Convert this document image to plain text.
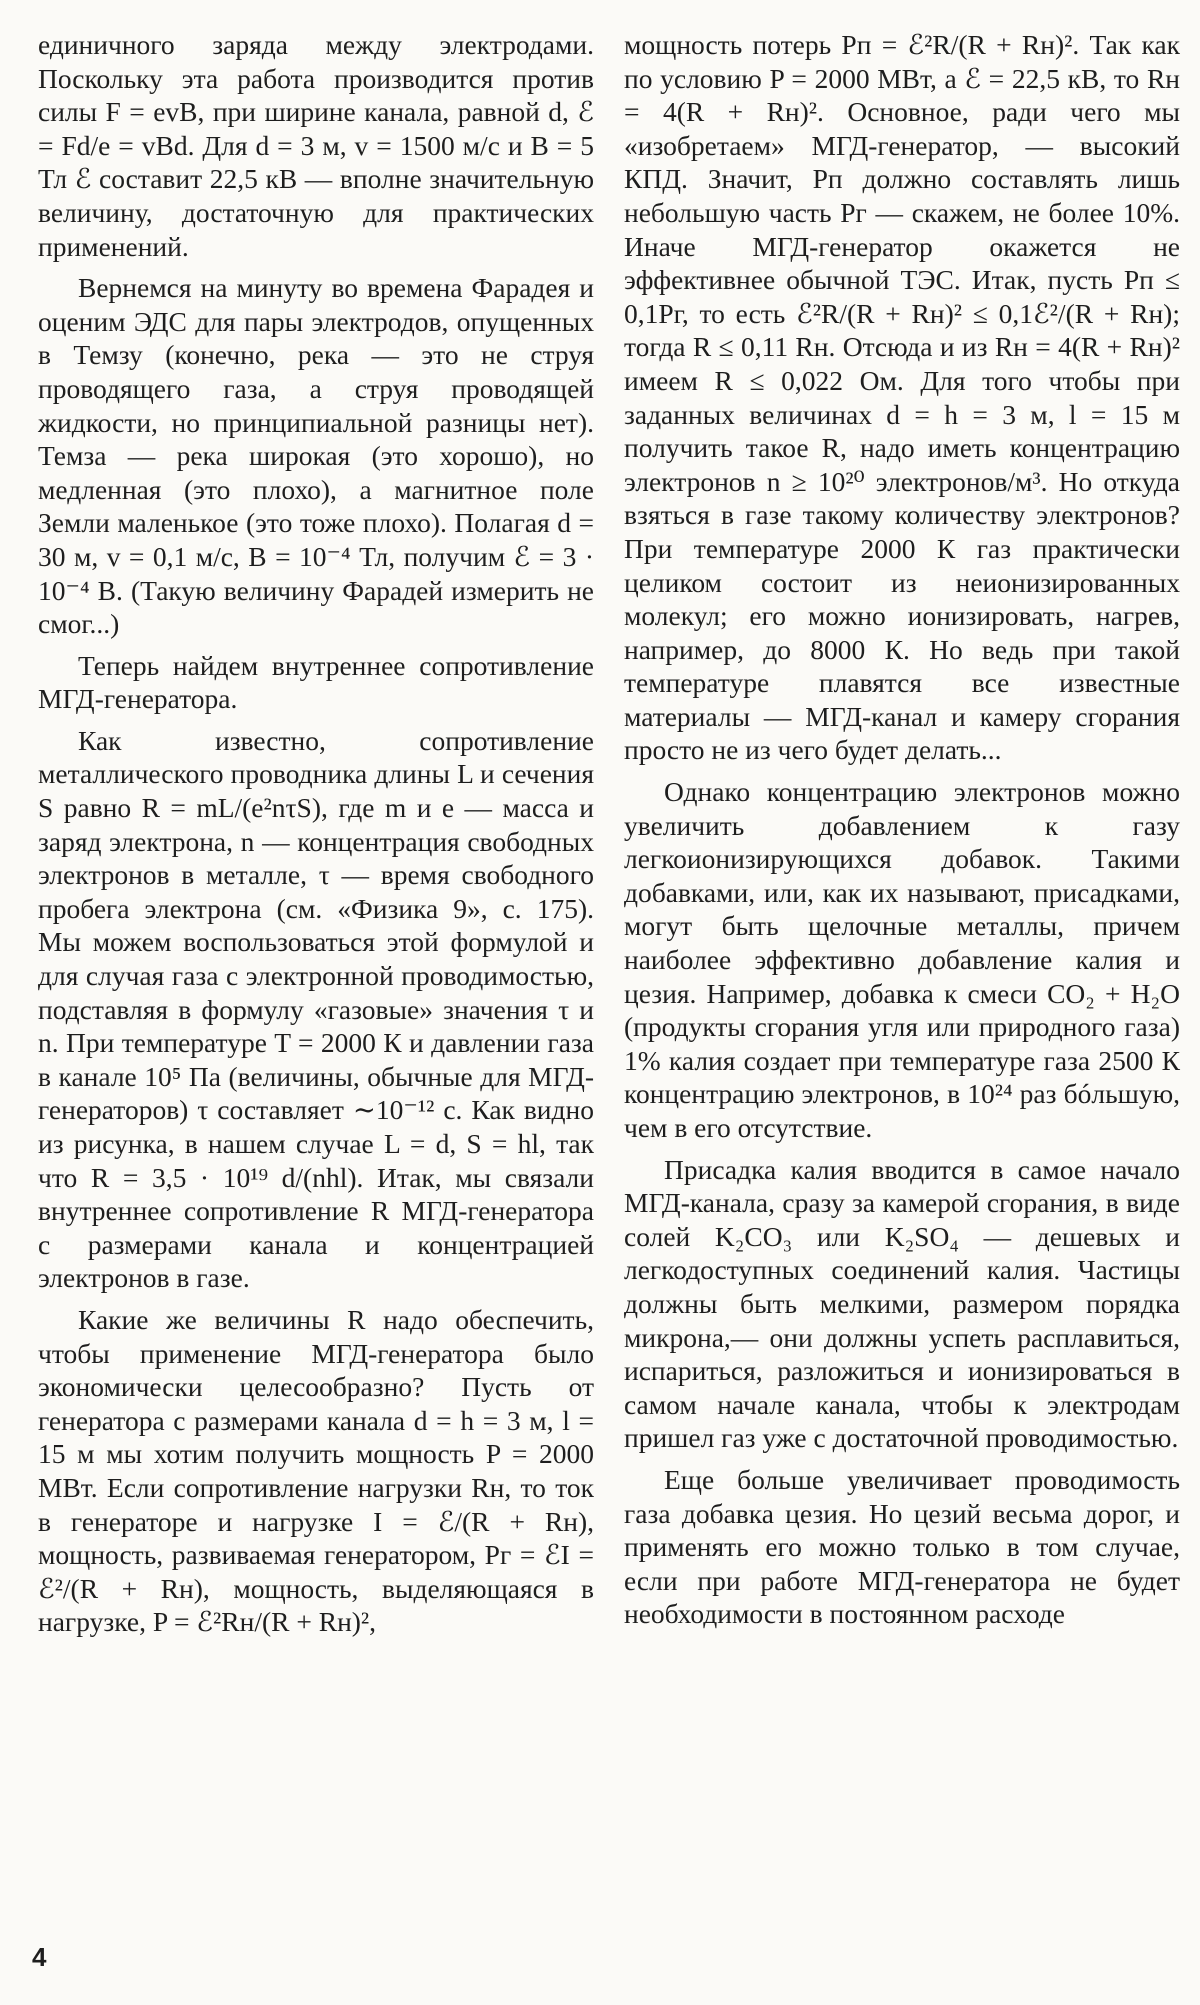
единичного заряда между электродами. Поскольку эта работа производится против силы F = evB, при ширине канала, равной d, ℰ = Fd/e = vBd. Для d = 3 м, v = 1500 м/с и B = 5 Тл ℰ составит 22,5 кВ — вполне значительную величину, достаточную для практических применений.

Вернемся на минуту во времена Фарадея и оценим ЭДС для пары электродов, опущенных в Темзу (конечно, река — это не струя проводящего газа, а струя проводящей жидкости, но принципиальной разницы нет). Темза — река широкая (это хорошо), но медленная (это плохо), а магнитное поле Земли маленькое (это тоже плохо). Полагая d = 30 м, v = 0,1 м/с, B = 10⁻⁴ Тл, получим ℰ = 3 · 10⁻⁴ В. (Такую величину Фарадей измерить не смог...)

Теперь найдем внутреннее сопротивление МГД-генератора.

Как известно, сопротивление металлического проводника длины L и сечения S равно R = mL/(e²nτS), где m и e — масса и заряд электрона, n — концентрация свободных электронов в металле, τ — время свободного пробега электрона (см. «Физика 9», с. 175). Мы можем воспользоваться этой формулой и для случая газа с электронной проводимостью, подставляя в формулу «газовые» значения τ и n. При температуре T = 2000 К и давлении газа в канале 10⁵ Па (величины, обычные для МГД-генераторов) τ составляет ∼10⁻¹² с. Как видно из рисунка, в нашем случае L = d, S = hl, так что R = 3,5 · 10¹⁹ d/(nhl). Итак, мы связали внутреннее сопротивление R МГД-генератора с размерами канала и концентрацией электронов в газе.

Какие же величины R надо обеспечить, чтобы применение МГД-генератора было экономически целесообразно? Пусть от генератора с размерами канала d = h = 3 м, l = 15 м мы хотим получить мощность P = 2000 МВт. Если сопротивление нагрузки Rн, то ток в генераторе и нагрузке I = ℰ/(R + Rн), мощность, развиваемая генератором, Pг = ℰI = ℰ²/(R + Rн), мощность, выделяющаяся в нагрузке, P = ℰ²Rн/(R + Rн)²,

мощность потерь Pп = ℰ²R/(R + Rн)². Так как по условию P = 2000 МВт, а ℰ = 22,5 кВ, то Rн = 4(R + Rн)². Основное, ради чего мы «изобретаем» МГД-генератор, — высокий КПД. Значит, Pп должно составлять лишь небольшую часть Pг — скажем, не более 10%. Иначе МГД-генератор окажется не эффективнее обычной ТЭС. Итак, пусть Pп ≤ 0,1Pг, то есть ℰ²R/(R + Rн)² ≤ 0,1ℰ²/(R + Rн); тогда R ≤ 0,11 Rн. Отсюда и из Rн = 4(R + Rн)² имеем R ≤ 0,022 Ом. Для того чтобы при заданных величинах d = h = 3 м, l = 15 м получить такое R, надо иметь концентрацию электронов n ≥ 10²⁰ электронов/м³. Но откуда взяться в газе такому количеству электронов? При температуре 2000 К газ практически целиком состоит из неионизированных молекул; его можно ионизировать, нагрев, например, до 8000 К. Но ведь при такой температуре плавятся все известные материалы — МГД-канал и камеру сгорания просто не из чего будет делать...

Однако концентрацию электронов можно увеличить добавлением к газу легкоионизирующихся добавок. Такими добавками, или, как их называют, присадками, могут быть щелочные металлы, причем наиболее эффективно добавление калия и цезия. Например, добавка к смеси CO₂ + H₂O (продукты сгорания угля или природного газа) 1% калия создает при температуре газа 2500 К концентрацию электронов, в 10²⁴ раз бóльшую, чем в его отсутствие.

Присадка калия вводится в самое начало МГД-канала, сразу за камерой сгорания, в виде солей K₂CO₃ или K₂SO₄ — дешевых и легкодоступных соединений калия. Частицы должны быть мелкими, размером порядка микрона,— они должны успеть расплавиться, испариться, разложиться и ионизироваться в самом начале канала, чтобы к электродам пришел газ уже с достаточной проводимостью.

Еще больше увеличивает проводимость газа добавка цезия. Но цезий весьма дорог, и применять его можно только в том случае, если при работе МГД-генератора не будет необходимости в постоянном расходе

4
